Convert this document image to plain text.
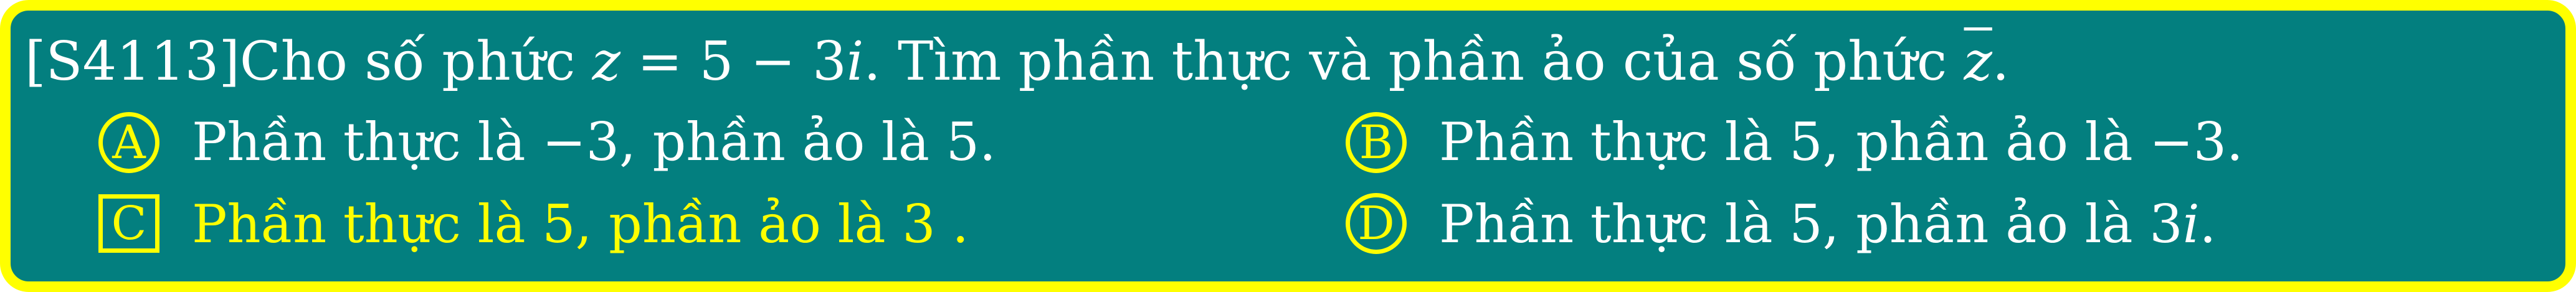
[S4113]Cho số phức z = 5 − 3i. Tìm phần thực và phần ảo của số phức $\overline{z}$.
A Phần thực là −3, phần ảo là 5.	B Phần thực là 5, phần ảo là −3.
C Phần thực là 5, phần ảo là 3 .	D Phần thực là 5, phần ảo là 3i.
